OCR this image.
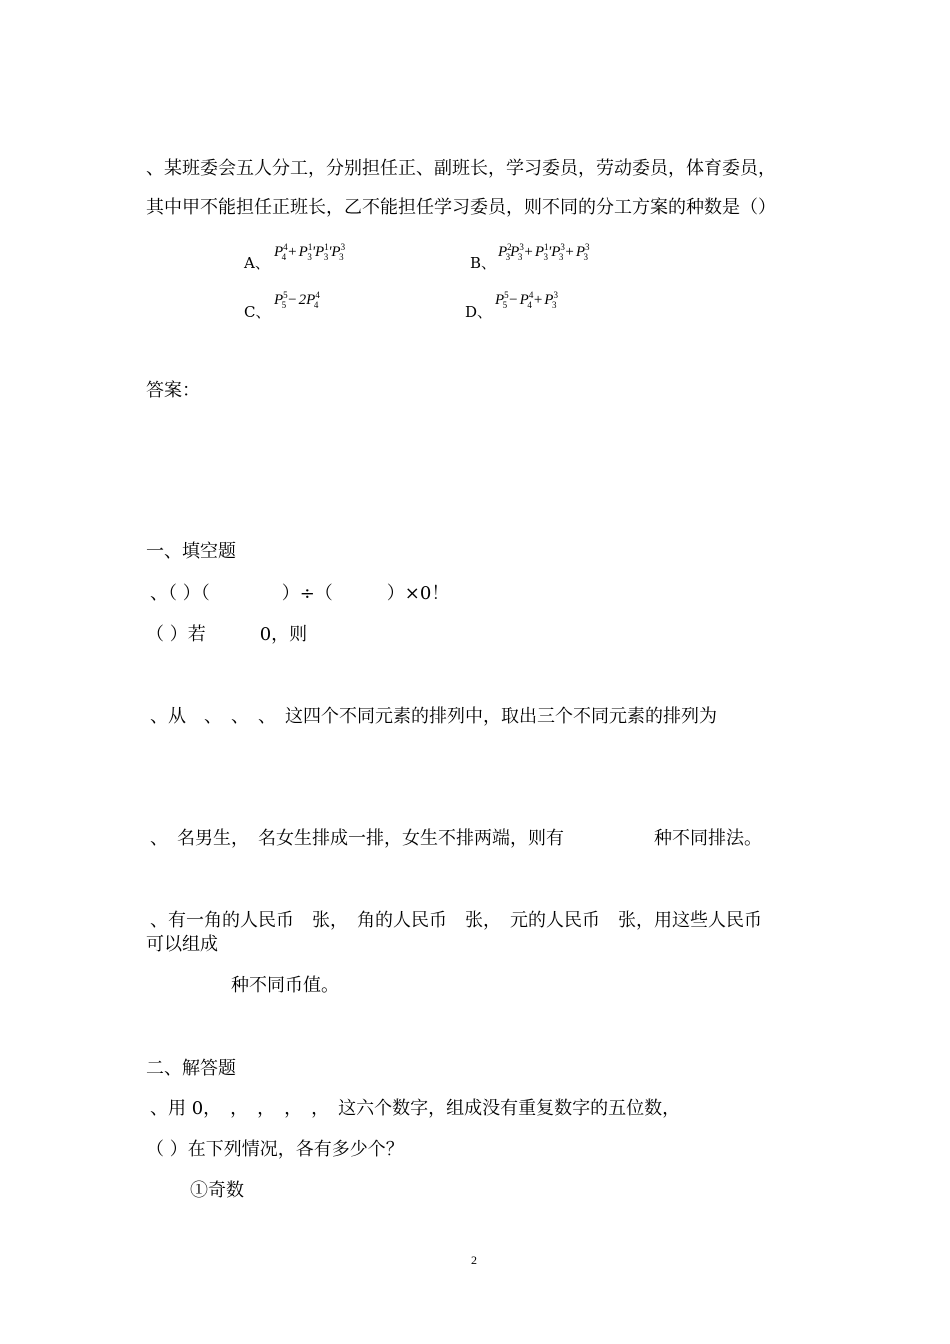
、某班委会五人分工，分别担任正、副班长，学习委员，劳动委员，体育委员，
其中甲不能担任正班长，乙不能担任学习委员，则不同的分工方案的种数是（）
A、
$P^4_4 + P^1_3'P^1_3'P^3_3$	B、
$P^2_3P^3_3 + P^1_3'P^3_3 + P^3_3$
C、
$P^5_5 - 2P^4_4$	D、
$P^5_5 - P^4_4 + P^3_3$
答案：
一、填空题
、（ ）（　　　　）÷（　　　）×0！
（ ）若　　　0，则
、从　、　、　、　这四个不同元素的排列中，取出三个不同元素的排列为
、　名男生，　名女生排成一排，女生不排两端，则有　　　　　种不同排法。
、有一角的人民币　张，　角的人民币　张，　元的人民币　张，用这些人民币
可以组成
种不同币值。
二、解答题
、用 0，　，　，　，　，　这六个数字，组成没有重复数字的五位数，
（ ）在下列情况，各有多少个？
①奇数
2
